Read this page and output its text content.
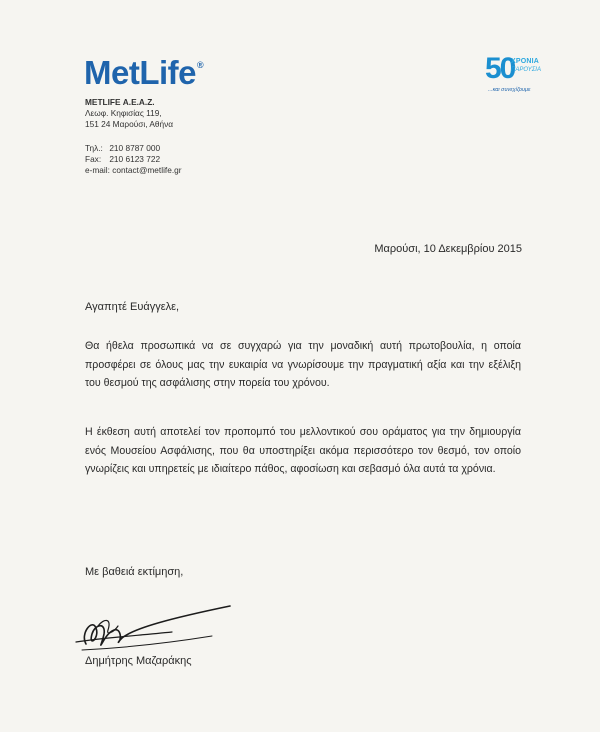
MetLife®	50
ΧΡΟΝΙΑ
ΠΑΡΟΥΣΙΑ
...και συνεχίζουμε
METLIFE Α.Ε.Α.Ζ.
Λεωφ. Κηφισίας 119,
151 24 Μαρούσι, Αθήνα
Τηλ.: 210 8787 000
Fax: 210 6123 722
e-mail: contact@metlife.gr
Μαρούσι, 10 Δεκεμβρίου 2015
Αγαπητέ Ευάγγελε,

Θα ήθελα προσωπικά να σε συγχαρώ για την μοναδική αυτή πρωτοβουλία, η οποία προσφέρει σε όλους μας την ευκαιρία να γνωρίσουμε την πραγματική αξία και την εξέλιξη του θεσμού της ασφάλισης στην πορεία του χρόνου.

Η έκθεση αυτή αποτελεί τον προπομπό του μελλοντικού σου οράματος για την δημιουργία ενός Μουσείου Ασφάλισης, που θα υποστηρίξει ακόμα περισσότερο τον θεσμό, τον οποίο γνωρίζεις και υπηρετείς με ιδιαίτερο πάθος, αφοσίωση και σεβασμό όλα αυτά τα χρόνια.

Με βαθειά εκτίμηση,
Δημήτρης Μαζαράκης
